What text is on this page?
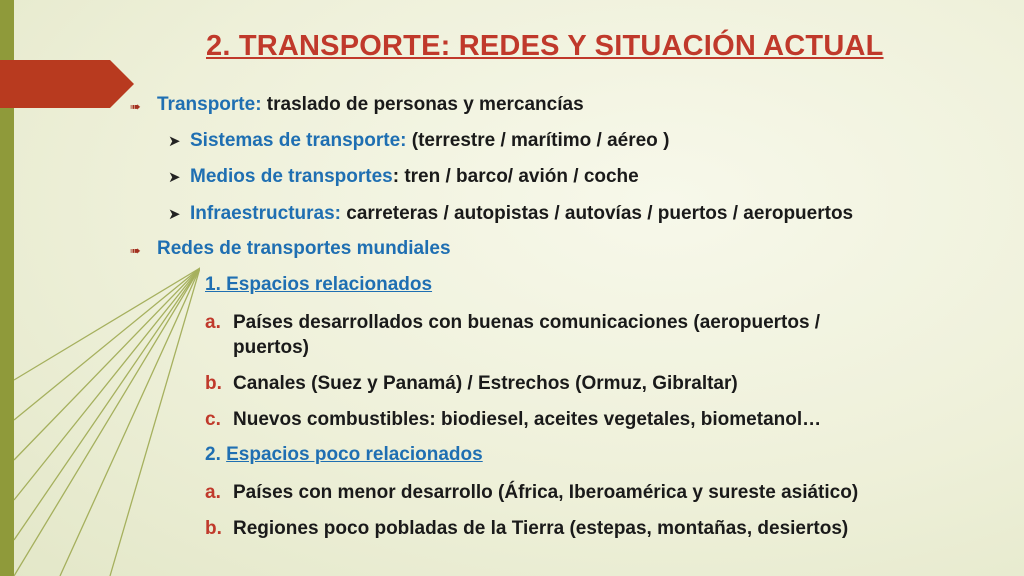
2. TRANSPORTE: REDES Y SITUACIÓN ACTUAL
➠ Transporte: traslado de personas y mercancías
➤ Sistemas de transporte: (terrestre / marítimo / aéreo )
➤ Medios de transportes: tren / barco/ avión / coche
➤ Infraestructuras: carreteras / autopistas / autovías / puertos / aeropuertos
➠ Redes de transportes mundiales
1. Espacios relacionados
a. Países desarrollados con buenas comunicaciones (aeropuertos /
puertos)
b. Canales (Suez y Panamá) / Estrechos (Ormuz, Gibraltar)
c. Nuevos combustibles: biodiesel, aceites vegetales, biometanol…
2. Espacios poco relacionados
a. Países con menor desarrollo (África, Iberoamérica y sureste asiático)
b. Regiones poco pobladas de la Tierra (estepas, montañas, desiertos)
